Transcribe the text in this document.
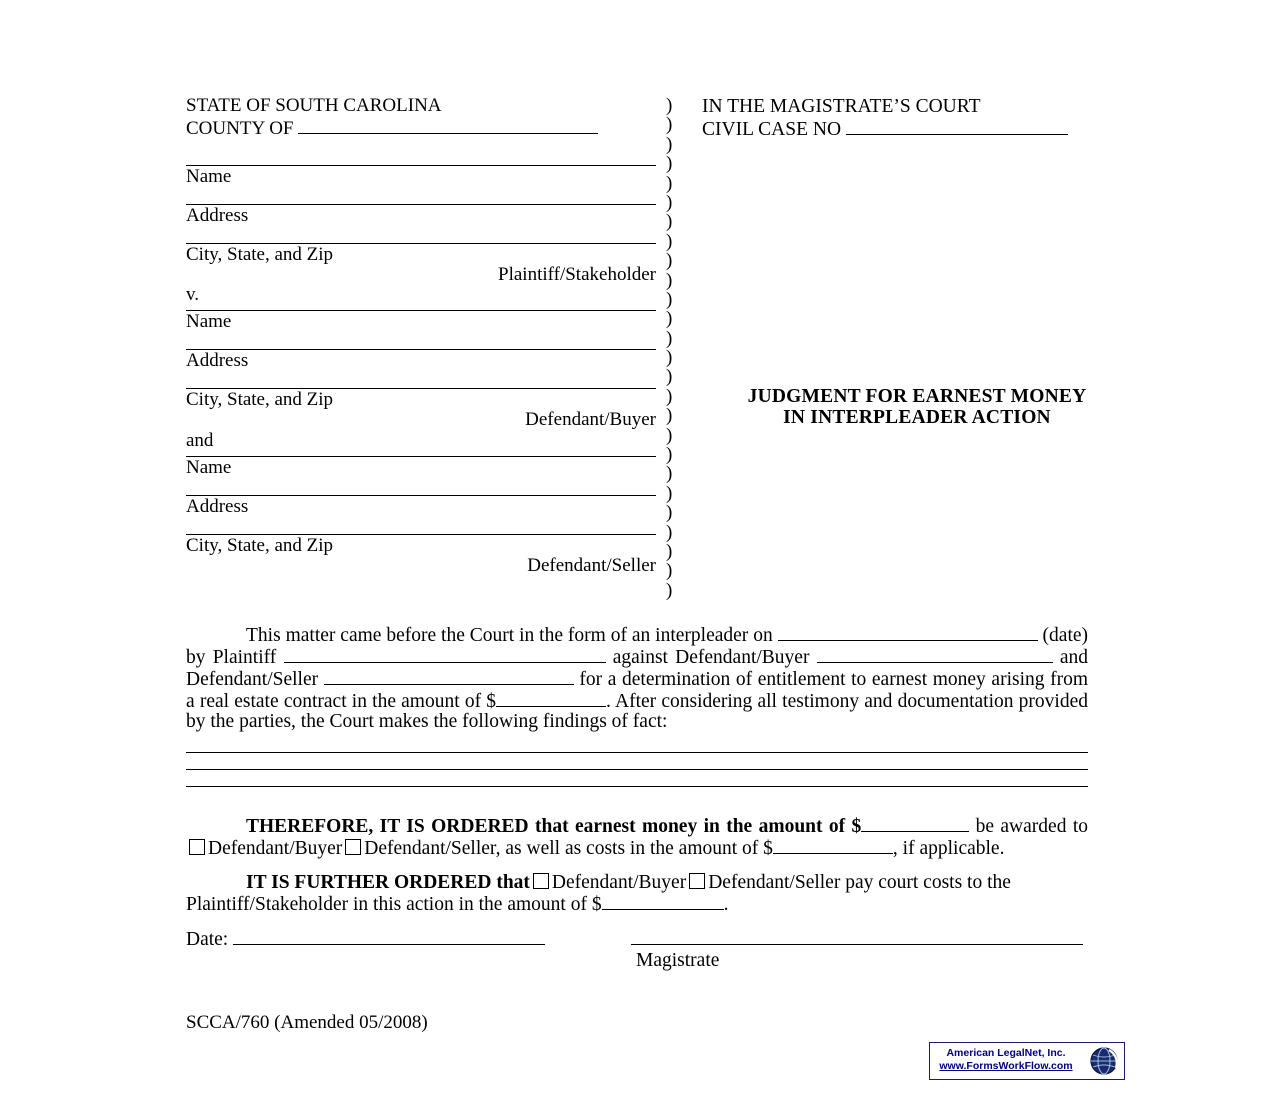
STATE OF SOUTH CAROLINA
COUNTY OF
Name
Address
City, State, and Zip
Plaintiff/Stakeholder
v.
Name
Address
City, State, and Zip
Defendant/Buyer
and
Name
Address
City, State, and Zip
Defendant/Seller
)
)
)
)
)
)
)
)
)
)
)
)
)
)
)
)
)
)
)
)
)
)
)
)
)
)
IN THE MAGISTRATE’S COURT
CIVIL CASE NO
JUDGMENT FOR EARNEST MONEY
IN INTERPLEADER ACTION

This matter came before the Court in the form of an interpleader on	(date) by Plaintiff	against Defendant/Buyer	and Defendant/Seller	for a determination of entitlement to earnest money arising from a real estate contract in the amount of $	. After considering all testimony and documentation provided by the parties, the Court makes the following findings of fact:

THEREFORE, IT IS ORDERED that earnest money in the amount of $	be awarded toDefendant/Buyer Defendant/Seller, as well as costs in the amount of $	, if applicable.

IT IS FURTHER ORDERED that Defendant/Buyer Defendant/Seller pay court costs to the Plaintiff/Stakeholder in this action in the amount of $	.

Date:
Magistrate
SCCA/760 (Amended 05/2008)
American LegalNet, Inc.
www.FormsWorkFlow.com
